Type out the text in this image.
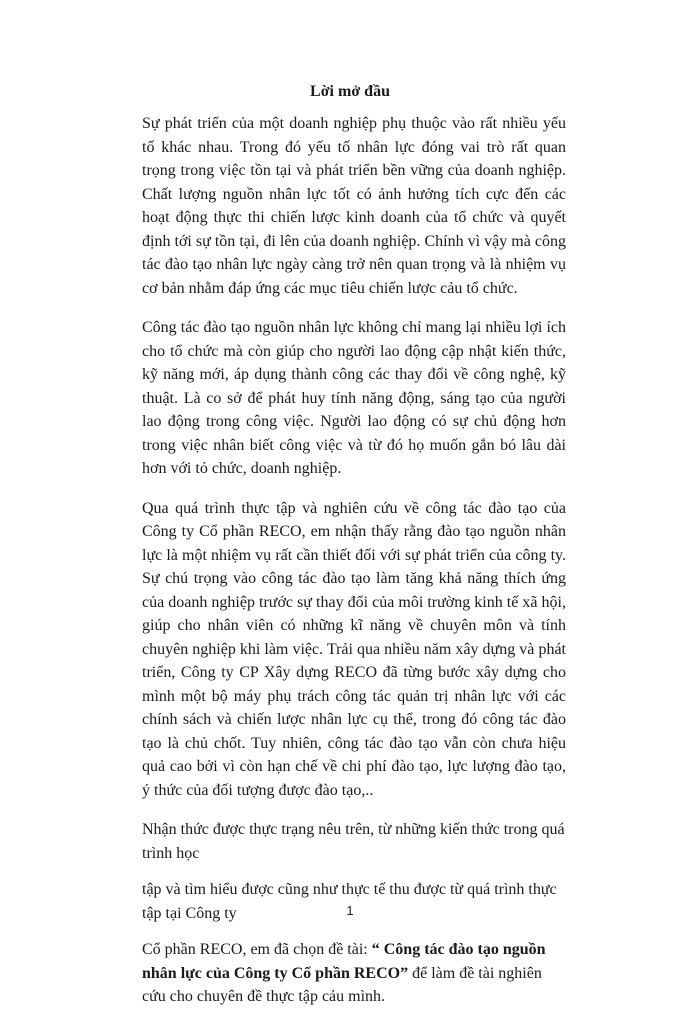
Lời mở đầu

Sự phát triển của một doanh nghiệp phụ thuộc vào rất nhiều yếu tố khác nhau. Trong đó yếu tố nhân lực đóng vai trò rất quan trọng trong việc tồn tại và phát triển bền vững của doanh nghiệp. Chất lượng nguồn nhân lực tốt có ảnh hưởng tích cực đến các hoạt động thực thi chiến lược kinh doanh của tổ chức và quyết định tới sự tồn tại, đi lên của doanh nghiệp. Chính vì vậy mà công tác đào tạo nhân lực ngày càng trở nên quan trọng và là nhiệm vụ cơ bản nhằm đáp ứng các mục tiêu chiến lược cảu tổ chức.

Công tác đào tạo nguồn nhân lực không chỉ mang lại nhiều lợi ích cho tổ chức mà còn giúp cho người lao động cập nhật kiến thức, kỹ năng mới, áp dụng thành công các thay đổi về công nghệ, kỹ thuật. Là co sở để phát huy tính năng động, sáng tạo của người lao động trong công việc. Người lao động có sự chủ động hơn trong việc nhân biết công việc và từ đó họ muốn gắn bó lâu dài hơn với tỏ chức, doanh nghiệp.

Qua quá trình thực tập và nghiên cứu về công tác đào tạo của Công ty Cổ phần RECO, em nhận thấy rằng đào tạo nguồn nhân lực là một nhiệm vụ rất cần thiết đối với sự phát triển của công ty. Sự chú trọng vào công tác đào tạo làm tăng khả năng thích ứng của doanh nghiệp trước sự thay đổi của môi trường kinh tế xã hội, giúp cho nhân viên có những kĩ năng về chuyên môn và tính chuyên nghiệp khi làm việc. Trải qua nhiều năm xây dựng và phát triển, Công ty CP Xây dựng RECO đã từng bước xây dựng cho mình một bộ máy phụ trách công tác quản trị nhân lực với các chính sách và chiến lược nhân lực cụ thể, trong đó công tác đào tạo là chủ chốt. Tuy nhiên, công tác đào tạo vẫn còn chưa hiệu quả cao bởi vì còn hạn chế về chi phí đào tạo, lực lượng đào tạo, ý thức của đối tượng được đào tạo,..

Nhận thức được thực trạng nêu trên, từ những kiến thức trong quá trình học

tập và tìm hiểu được cũng như thực tế thu được từ quá trình thực tập tại Công ty

Cổ phần RECO, em đã chọn đề tài: “ Công tác đào tạo nguồn nhân lực của Công ty Cổ phần RECO” để làm đề tài nghiên cứu cho chuyên đề thực tập cảu mình.

1
